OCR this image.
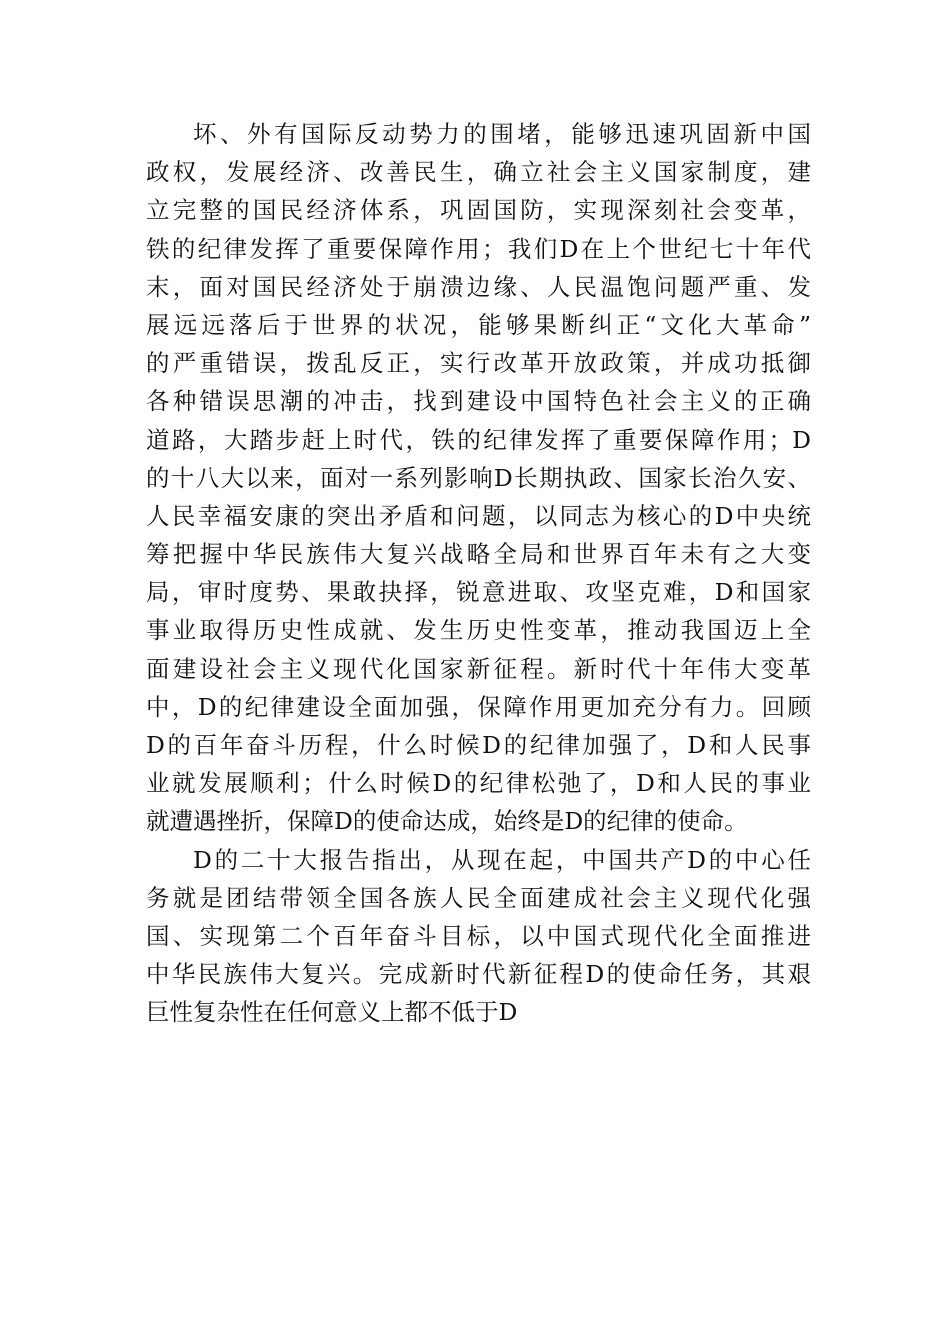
坏、外有国际反动势力的围堵，能够迅速巩固新中国
政权，发展经济、改善民生，确立社会主义国家制度，建
立完整的国民经济体系，巩固国防，实现深刻社会变革，
铁的纪律发挥了重要保障作用；我们D在上个世纪七十年代
末，面对国民经济处于崩溃边缘、人民温饱问题严重、发
展远远落后于世界的状况，能够果断纠正“文化大革命”
的严重错误，拨乱反正，实行改革开放政策，并成功抵御
各种错误思潮的冲击，找到建设中国特色社会主义的正确
道路，大踏步赶上时代，铁的纪律发挥了重要保障作用；D
的十八大以来，面对一系列影响D长期执政、国家长治久安、
人民幸福安康的突出矛盾和问题，以同志为核心的D中央统
筹把握中华民族伟大复兴战略全局和世界百年未有之大变
局，审时度势、果敢抉择，锐意进取、攻坚克难，D和国家
事业取得历史性成就、发生历史性变革，推动我国迈上全
面建设社会主义现代化国家新征程。新时代十年伟大变革
中，D的纪律建设全面加强，保障作用更加充分有力。回顾
D的百年奋斗历程，什么时候D的纪律加强了，D和人民事
业就发展顺利；什么时候D的纪律松弛了，D和人民的事业
就遭遇挫折，保障D的使命达成，始终是D的纪律的使命。
D的二十大报告指出，从现在起，中国共产D的中心任
务就是团结带领全国各族人民全面建成社会主义现代化强
国、实现第二个百年奋斗目标，以中国式现代化全面推进
中华民族伟大复兴。完成新时代新征程D的使命任务，其艰
巨性复杂性在任何意义上都不低于D
